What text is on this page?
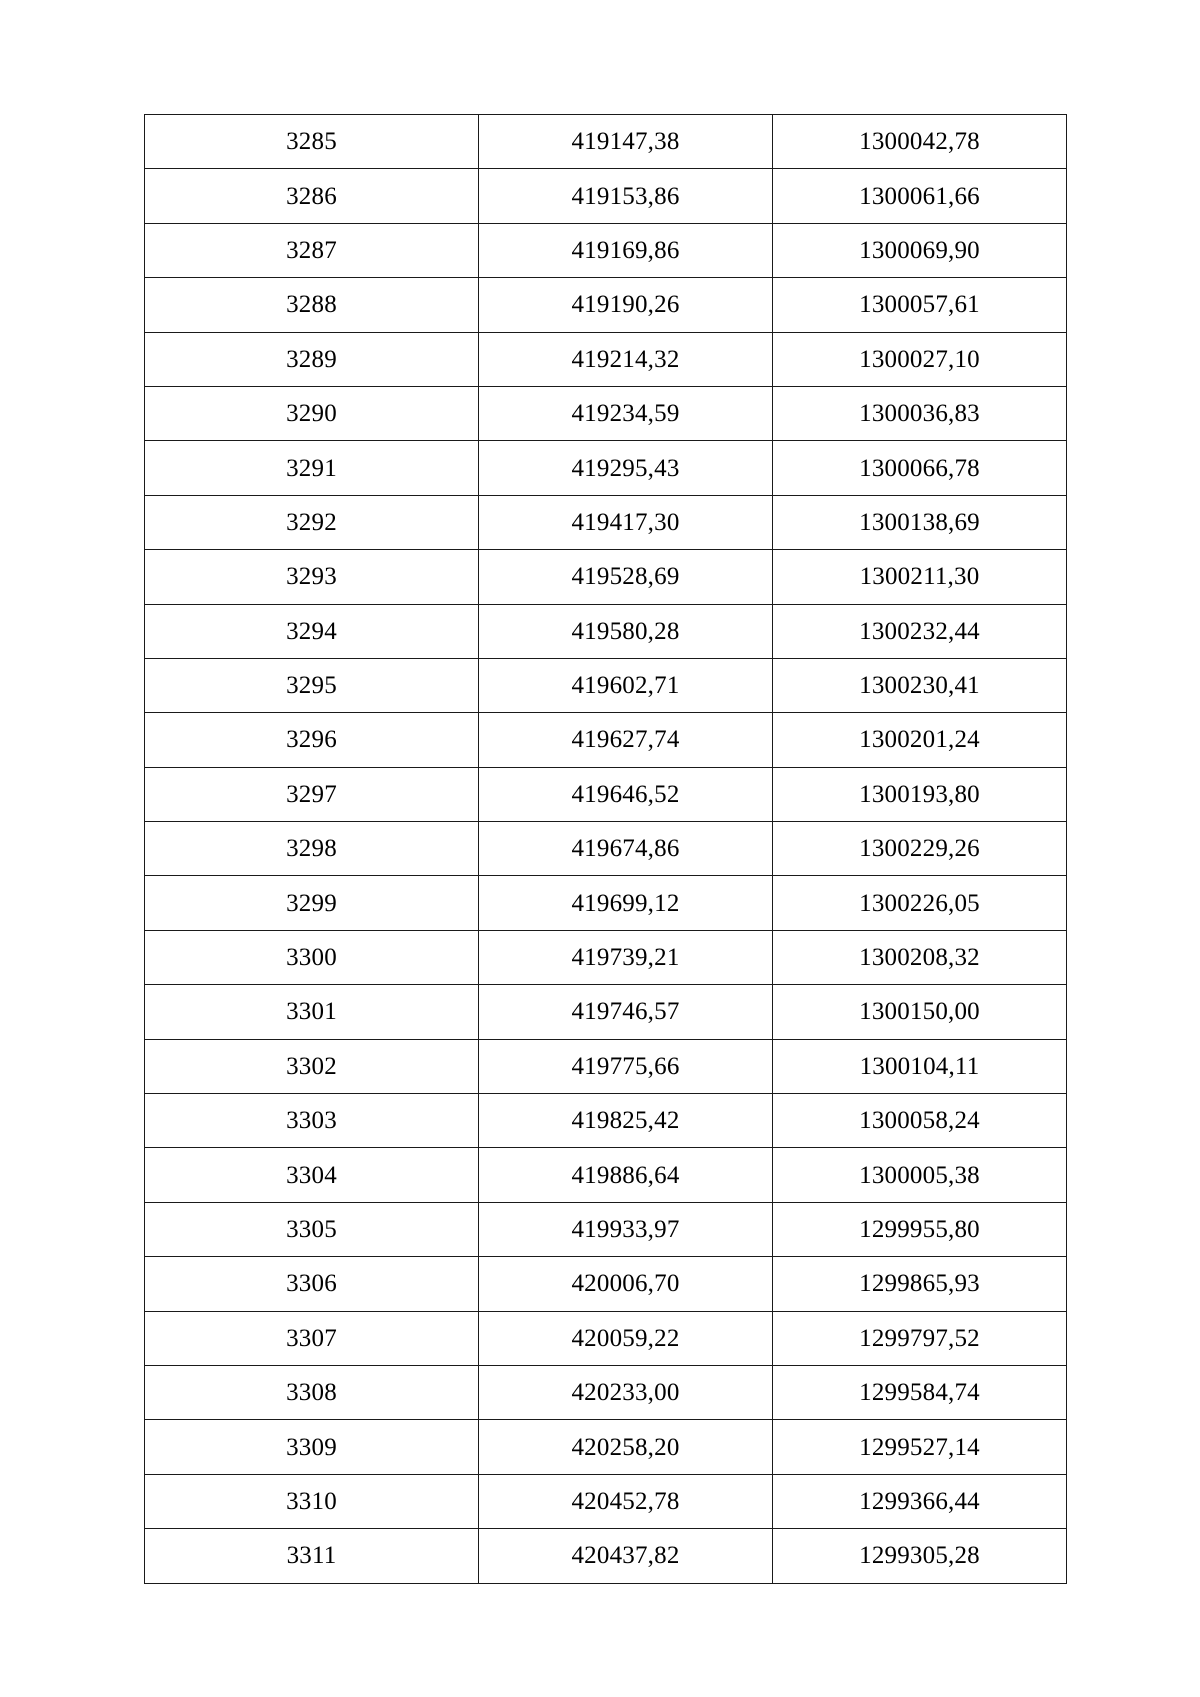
3285	419147,38	1300042,78
3286	419153,86	1300061,66
3287	419169,86	1300069,90
3288	419190,26	1300057,61
3289	419214,32	1300027,10
3290	419234,59	1300036,83
3291	419295,43	1300066,78
3292	419417,30	1300138,69
3293	419528,69	1300211,30
3294	419580,28	1300232,44
3295	419602,71	1300230,41
3296	419627,74	1300201,24
3297	419646,52	1300193,80
3298	419674,86	1300229,26
3299	419699,12	1300226,05
3300	419739,21	1300208,32
3301	419746,57	1300150,00
3302	419775,66	1300104,11
3303	419825,42	1300058,24
3304	419886,64	1300005,38
3305	419933,97	1299955,80
3306	420006,70	1299865,93
3307	420059,22	1299797,52
3308	420233,00	1299584,74
3309	420258,20	1299527,14
3310	420452,78	1299366,44
3311	420437,82	1299305,28
